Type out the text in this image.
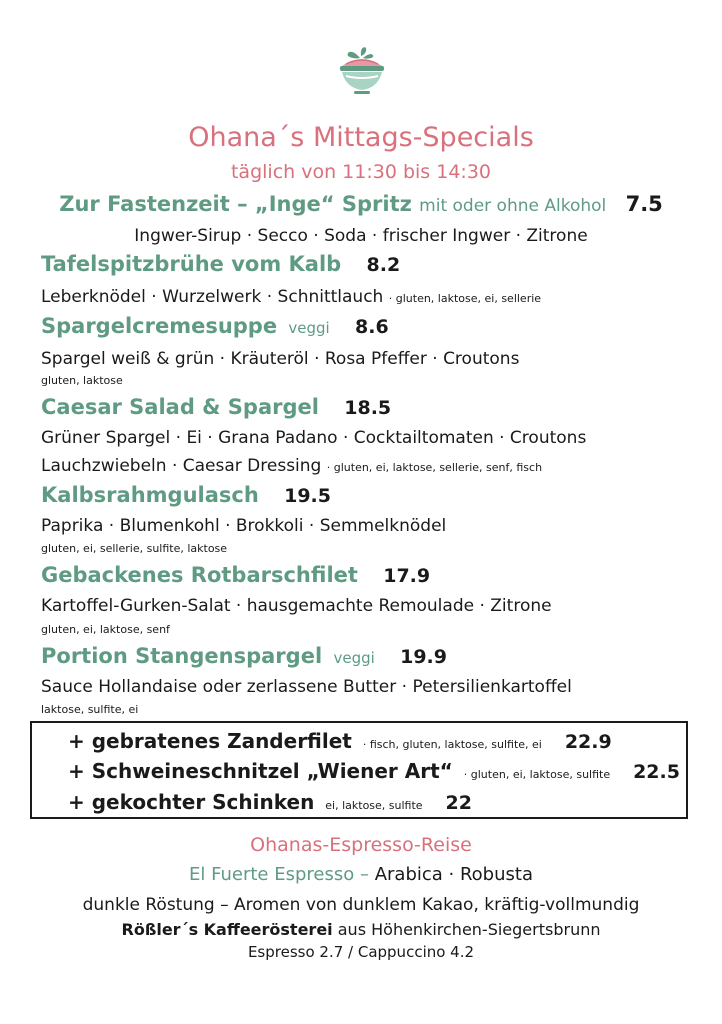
Ohana´s Mittags-Specials
täglich von 11:30 bis 14:30
Zur Fastenzeit – „Inge“ Spritz mit oder ohne Alkohol 7.5
Ingwer-Sirup · Secco · Soda · frischer Ingwer · Zitrone
Tafelspitzbrühe vom Kalb 8.2
Leberknödel · Wurzelwerk · Schnittlauch · gluten, laktose, ei, sellerie
Spargelcremesuppe veggi 8.6
Spargel weiß & grün · Kräuteröl · Rosa Pfeffer · Croutons
gluten, laktose
Caesar Salad & Spargel 18.5
Grüner Spargel · Ei · Grana Padano · Cocktailtomaten · Croutons
Lauchzwiebeln · Caesar Dressing · gluten, ei, laktose, sellerie, senf, fisch
Kalbsrahmgulasch 19.5
Paprika · Blumenkohl · Brokkoli · Semmelknödel
gluten, ei, sellerie, sulfite, laktose
Gebackenes Rotbarschfilet 17.9
Kartoffel-Gurken-Salat · hausgemachte Remoulade · Zitrone
gluten, ei, laktose, senf
Portion Stangenspargel veggi 19.9
Sauce Hollandaise oder zerlassene Butter · Petersilienkartoffel
laktose, sulfite, ei
+ gebratenes Zanderfilet · fisch, gluten, laktose, sulfite, ei 22.9
+ Schweineschnitzel „Wiener Art“ · gluten, ei, laktose, sulfite 22.5
+ gekochter Schinken ei, laktose, sulfite 22
Ohanas-Espresso-Reise
El Fuerte Espresso – Arabica · Robusta
dunkle Röstung – Aromen von dunklem Kakao, kräftig-vollmundig
Rößler´s Kaffeerösterei aus Höhenkirchen-Siegertsbrunn
Espresso 2.7 / Cappuccino 4.2
